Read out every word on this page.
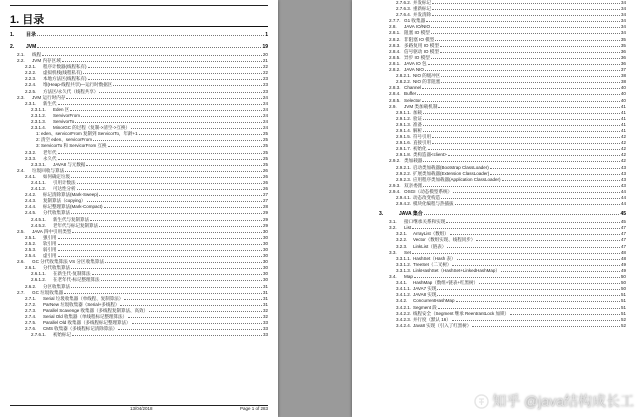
1. 目录
1.	目录	1
2.	JVM	19
2.1.	线程	20
2.2.	JVM 内存区域	21
2.2.1.	程序计数器(线程私有)	22
2.2.2.	虚拟机栈(线程私有)	22
2.2.3.	本地方法区(线程私有)	23
2.2.4.	堆(Heap-线程共享)—运行时数据区	23
2.2.5.	方法区/永久代（线程共享）	23
2.3.	JVM 运行时内存	24
2.3.1.	新生代	24
2.3.1.1.	Eden 区	24
2.3.1.2.	ServivorFrom	24
2.3.1.3.	ServivorTo	24
2.3.1.4.	MinorGC 的过程（复制->清空->互换）	24
1: eden、servicorFrom 复制到 ServicorTo，年龄+1	25
2: 清空 eden、servicorFrom	25
3: ServicorTo 和 ServicorFrom 互换	25
2.3.2.	老年代	25
2.3.3.	永久代	25
2.3.3.1.	JAVA8 与元数据	25
2.4.	垃圾回收与算法	26
2.4.1.	如何确定垃圾	26
2.4.1.1.	引用计数法	26
2.4.1.2.	可达性分析	26
2.4.2.	标记清除算法(Mark-Sweep)	27
2.4.3.	复制算法（copying）	27
2.4.4.	标记整理算法(Mark-Compact)	28
2.4.5.	分代收集算法	29
2.4.5.1.	新生代与复制算法	29
2.4.5.2.	老年代与标记复制算法	29
2.5.	JAVA 四中引用类型	30
2.5.1.	强引用	30
2.5.2.	软引用	30
2.5.3.	弱引用	30
2.5.4.	虚引用	30
2.6.	GC 分代收集算法 VS 分区收集算法	30
2.6.1.	分代收集算法	30
2.6.1.1.	在新生代-复制算法	30
2.6.1.2.	在老年代-标记整理算法	30
2.6.2.	分区收集算法	31
2.7.	GC 垃圾收集器	31
2.7.1.	Serial 垃圾收集器（单线程、复制算法）	31
2.7.2.	ParNew 垃圾收集器（Serial+多线程）	31
2.7.3.	Parallel Scavenge 收集器（多线程复制算法、高效）	32
2.7.4.	Serial Old 收集器（单线程标记整理算法）	32
2.7.5.	Parallel Old 收集器（多线程标记整理算法）	33
2.7.6.	CMS 收集器（多线程标记清除算法）	33
2.7.6.1.	初始标记	33
13/04/2018	Page 1 of 283
2.7.6.2. 并发标记	34
2.7.6.3. 重新标记	34
2.7.6.4. 并发清除	34
2.7.7. G1 收集器	34
2.8.	JAVA IO/NIO	34
2.8.1. 阻塞 IO 模型	34
2.8.2. 非阻塞 IO 模型	35
2.8.3. 多路复用 IO 模型	35
2.8.4. 信号驱动 IO 模型	36
2.8.5. 异步 IO 模型	36
2.8.1. JAVA IO 包	36
2.8.2. JAVA NIO	37
2.8.2.1. NIO 的缓冲区	38
2.8.2.2. NIO 的非阻塞	38
2.8.3. Channel	40
2.8.4. Buffer	40
2.8.5. Selector	40
2.9.	JVM 类加载机制	41
2.9.1.1. 加载	41
2.9.1.2. 验证	41
2.9.1.3. 准备	41
2.9.1.4. 解析	41
2.9.1.5. 符号引用	42
2.9.1.6. 直接引用	42
2.9.1.7. 初始化	42
2.9.1.8. 类构造器<client>	42
2.9.2. 类加载器	42
2.9.2.1. 启动类加载器(Bootstrap ClassLoader)	43
2.9.2.2. 扩展类加载器(Extension ClassLoader)	43
2.9.2.3. 应用程序类加载器(Application ClassLoader)	43
2.9.3. 双亲委派	43
2.9.4. OSGI（动态模型系统）	44
2.9.4.1. 动态改变构造	44
2.9.4.2. 模块化编程与热插拔	44
3.	JAVA 集合	45
3.1.	接口继承关系和实现	45
3.2.	List	47
3.2.1.	ArrayList（数组）	47
3.2.2.	Vector（数组实现、线程同步）	47
3.2.3.	LinkList（链表）	47
3.3.	Set	48
3.3.1.1. HashSet（Hash 表）	48
3.3.1.2. TreeSet（二叉树）	49
3.3.1.3. LinkHashSet（HashSet+LinkedHashMap）	49
3.4.	Map	50
3.4.1.	HashMap（数组+链表+红黑树）	50
3.4.1.1. JAVA7 实现	50
3.4.1.2. JAVA8 实现	51
3.4.2.	ConcurrentHashMap	51
3.4.2.1. Segment 段	51
3.4.2.2. 线程安全（Segment 继承 ReentrantLock 加锁）	51
3.4.2.3. 并行度（默认 16）	52
3.4.2.4. Java8 实现（引入了红黑树）	52
知乎 @java结构成长工
